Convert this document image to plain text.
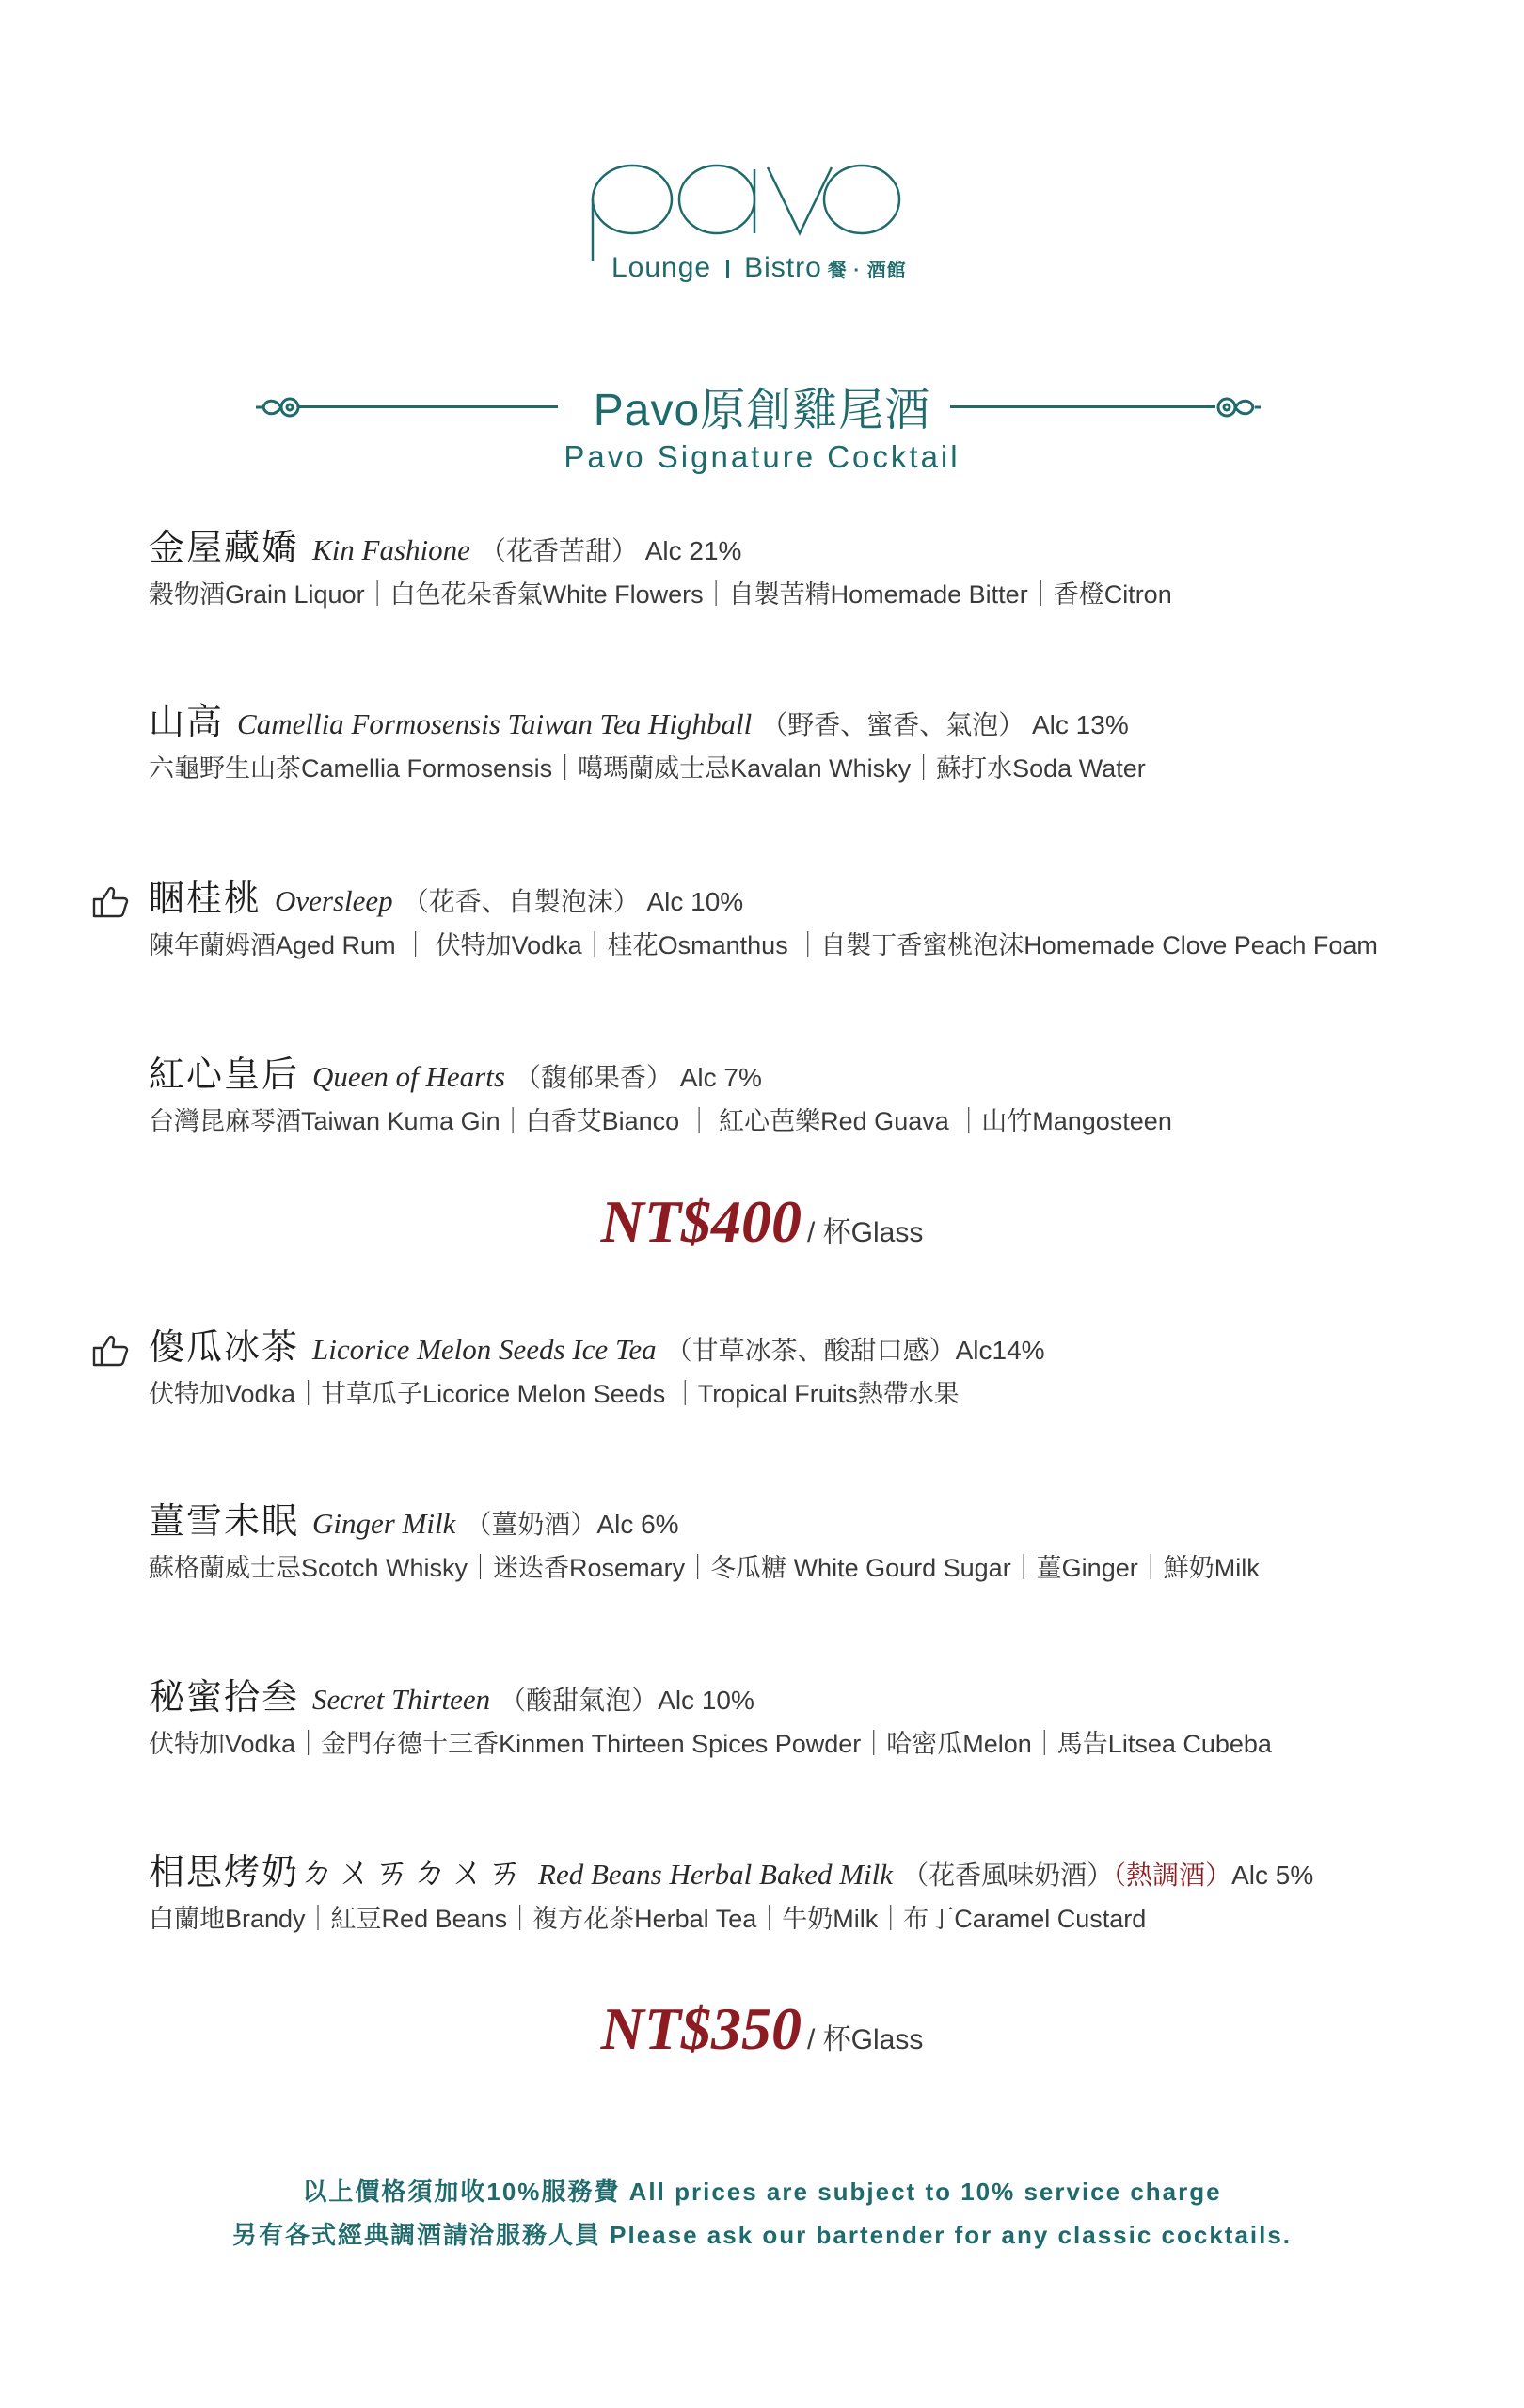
Lounge Bistro 餐 · 酒館
Pavo原創雞尾酒
Pavo Signature Cocktail
金屋藏嬌 Kin Fashione （花香苦甜） Alc 21%
穀物酒Grain Liquor｜白色花朵香氣White Flowers｜自製苦精Homemade Bitter｜香橙Citron
山高 Camellia Formosensis Taiwan Tea Highball （野香、蜜香、氣泡） Alc 13%
六龜野生山茶Camellia Formosensis｜噶瑪蘭威士忌Kavalan Whisky｜蘇打水Soda Water
睏桂桃 Oversleep （花香、自製泡沫） Alc 10%
陳年蘭姆酒Aged Rum ｜ 伏特加Vodka｜桂花Osmanthus ｜自製丁香蜜桃泡沫Homemade Clove Peach Foam
紅心皇后 Queen of Hearts （馥郁果香） Alc 7%
台灣昆麻琴酒Taiwan Kuma Gin｜白香艾Bianco ｜ 紅心芭樂Red Guava ｜山竹Mangosteen
NT$400 / 杯Glass
傻瓜冰茶 Licorice Melon Seeds Ice Tea （甘草冰茶、酸甜口感）Alc14%
伏特加Vodka｜甘草瓜子Licorice Melon Seeds ｜Tropical Fruits熱帶水果
薑雪未眠 Ginger Milk （薑奶酒）Alc 6%
蘇格蘭威士忌Scotch Whisky｜迷迭香Rosemary｜冬瓜糖 White Gourd Sugar｜薑Ginger｜鮮奶Milk
秘蜜拾叁 Secret Thirteen （酸甜氣泡）Alc 10%
伏特加Vodka｜金門存德十三香Kinmen Thirteen Spices Powder｜哈密瓜Melon｜馬告Litsea Cubeba
相思烤奶ㄉㄨㄞㄉㄨㄞ Red Beans Herbal Baked Milk （花香風味奶酒）（熱調酒）Alc 5%
白蘭地Brandy｜紅豆Red Beans｜複方花茶Herbal Tea｜牛奶Milk｜布丁Caramel Custard
NT$350 / 杯Glass
以上價格須加收10%服務費 All prices are subject to 10% service charge
另有各式經典調酒請洽服務人員 Please ask our bartender for any classic cocktails.
